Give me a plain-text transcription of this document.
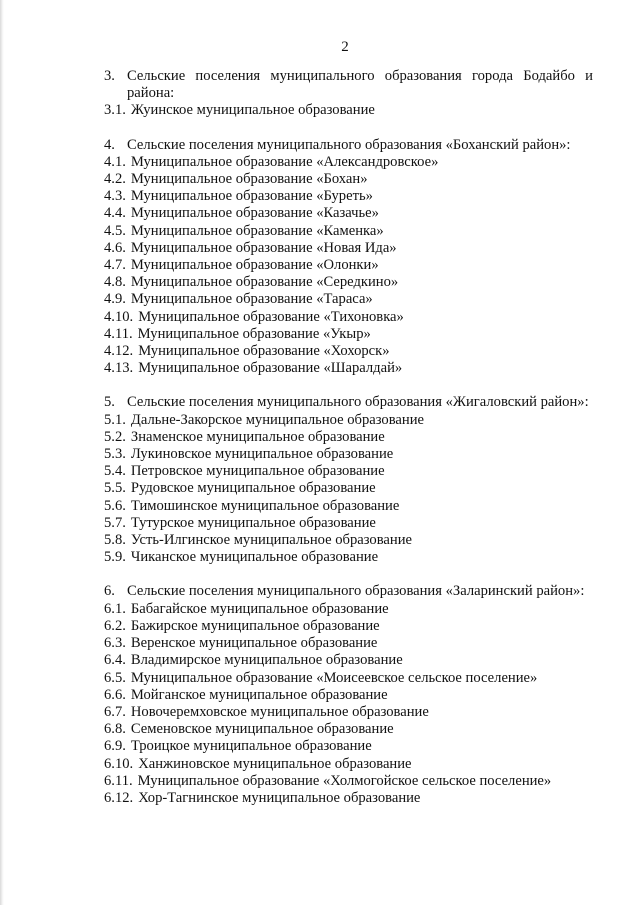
2
3. Сельские поселения муниципального образования города Бодайбо и района:
3.1. Жуинское муниципальное образование
4. Сельские поселения муниципального образования «Боханский район»:
4.1. Муниципальное образование «Александровское»
4.2. Муниципальное образование «Бохан»
4.3. Муниципальное образование «Буреть»
4.4. Муниципальное образование «Казачье»
4.5. Муниципальное образование «Каменка»
4.6. Муниципальное образование «Новая Ида»
4.7. Муниципальное образование «Олонки»
4.8. Муниципальное образование «Середкино»
4.9. Муниципальное образование «Тараса»
4.10. Муниципальное образование «Тихоновка»
4.11. Муниципальное образование «Укыр»
4.12. Муниципальное образование «Хохорск»
4.13. Муниципальное образование «Шаралдай»
5. Сельские поселения муниципального образования «Жигаловский район»:
5.1. Дальне-Закорское муниципальное образование
5.2. Знаменское муниципальное образование
5.3. Лукиновское муниципальное образование
5.4. Петровское муниципальное образование
5.5. Рудовское муниципальное образование
5.6. Тимошинское муниципальное образование
5.7. Тутурское муниципальное образование
5.8. Усть-Илгинское муниципальное образование
5.9. Чиканское муниципальное образование
6. Сельские поселения муниципального образования «Заларинский район»:
6.1. Бабагайское муниципальное образование
6.2. Бажирское муниципальное образование
6.3. Веренское муниципальное образование
6.4. Владимирское муниципальное образование
6.5. Муниципальное образование «Моисеевское сельское поселение»
6.6. Мойганское муниципальное образование
6.7. Новочеремховское муниципальное образование
6.8. Семеновское муниципальное образование
6.9. Троицкое муниципальное образование
6.10. Ханжиновское муниципальное образование
6.11. Муниципальное образование «Холмогойское сельское поселение»
6.12. Хор-Тагнинское муниципальное образование
